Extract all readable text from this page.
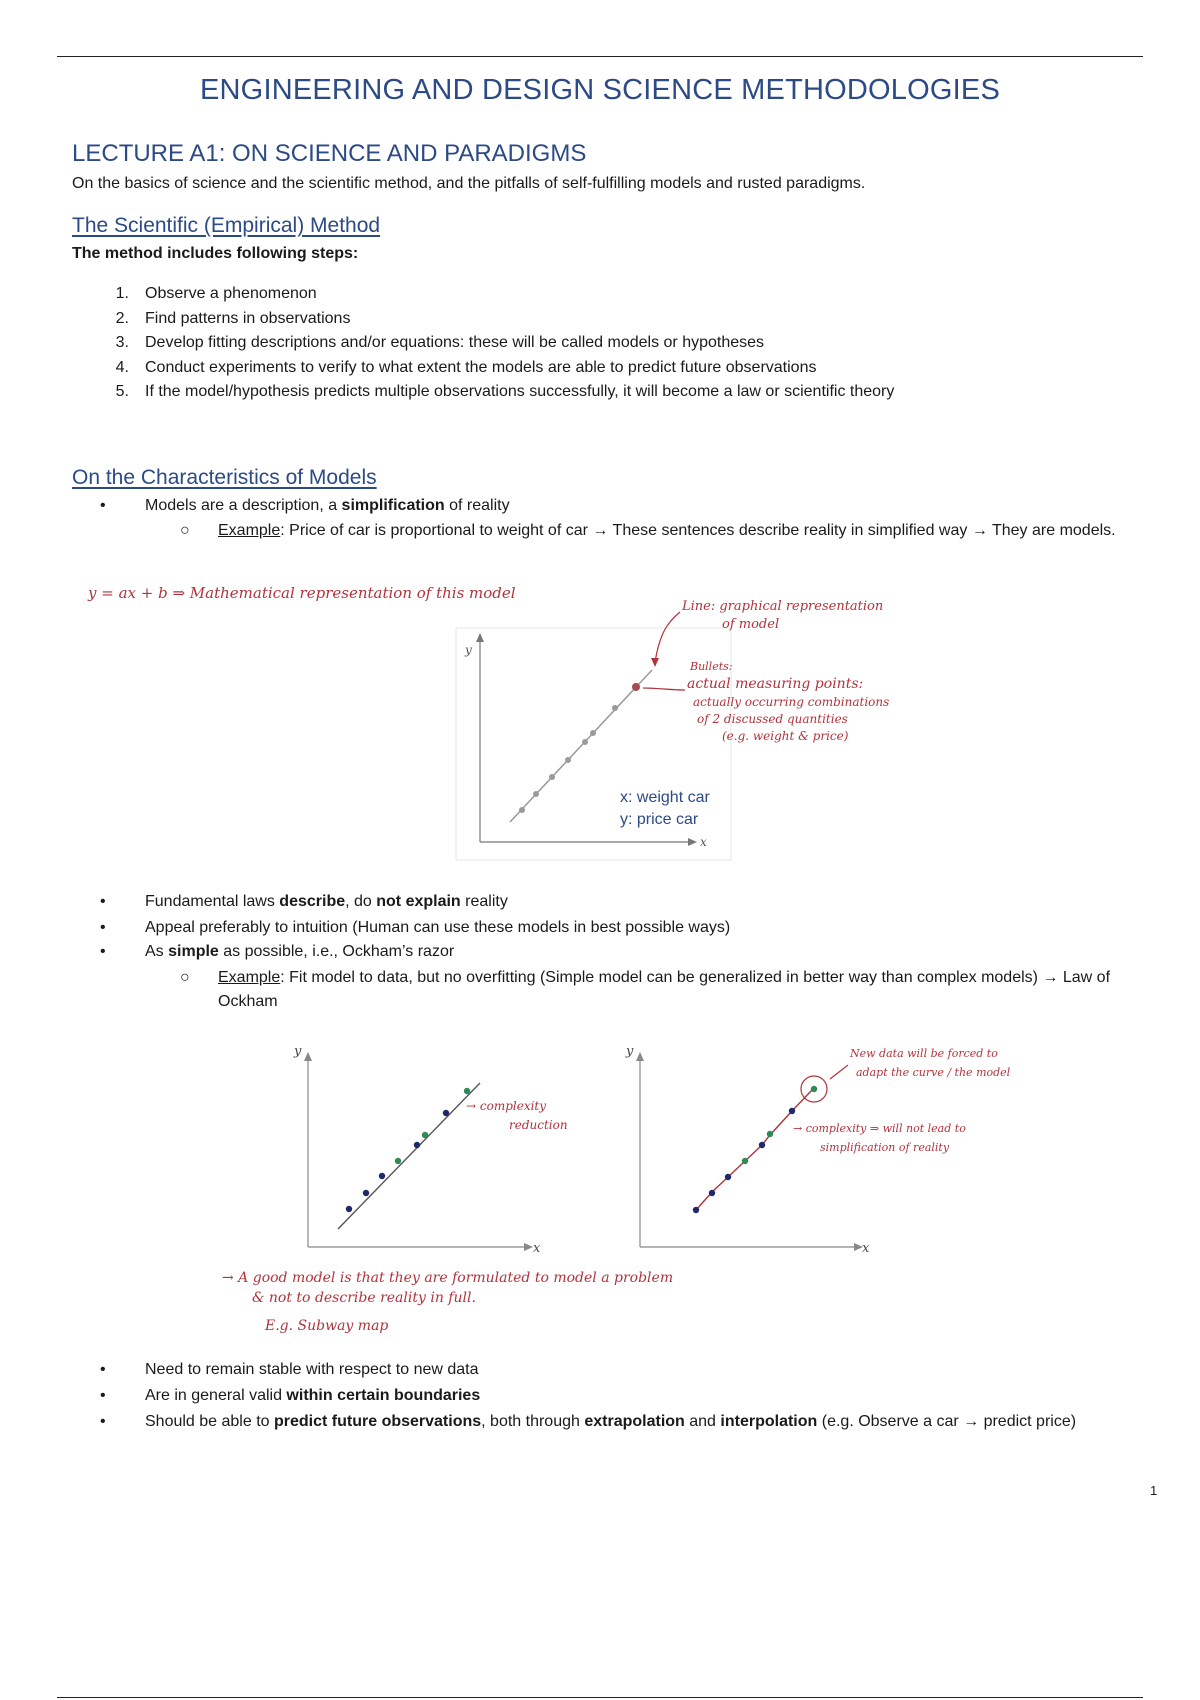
ENGINEERING AND DESIGN SCIENCE METHODOLOGIES
LECTURE A1: ON SCIENCE AND PARADIGMS
On the basics of science and the scientific method, and the pitfalls of self-fulfilling models and rusted paradigms.
The Scientific (Empirical) Method
The method includes following steps:
1.	Observe a phenomenon
2.	Find patterns in observations
3.	Develop fitting descriptions and/or equations: these will be called models or hypotheses
4.	Conduct experiments to verify to what extent the models are able to predict future observations
5.	If the model/hypothesis predicts multiple observations successfully, it will become a law or scientific theory
On the Characteristics of Models
•	Models are a description, a simplification of reality
○ Example: Price of car is proportional to weight of car → These sentences describe reality in simplified way → They are models.
y = ax + b ⇒ Mathematical representation of this model
y
x
Line: graphical representation
of model
Bullets:
actual measuring points:
actually occurring combinations
of 2 discussed quantities
(e.g. weight & price)
x: weight car
y: price car
•	Fundamental laws describe, do not explain reality
•	Appeal preferably to intuition (Human can use these models in best possible ways)
•	As simple as possible, i.e., Ockham’s razor
○ Example: Fit model to data, but no overfitting (Simple model can be generalized in better way than complex models) → Law of Ockham
y
x
→ complexity
reduction
y
x
New data will be forced to
adapt the curve / the model
→ complexity ⇒ will not lead to
simplification of reality
→ A good model is that they are formulated to model a problem
& not to describe reality in full.
E.g. Subway map
•	Need to remain stable with respect to new data
•	Are in general valid within certain boundaries
•	Should be able to predict future observations, both through extrapolation and interpolation (e.g. Observe a car → predict price)
1
